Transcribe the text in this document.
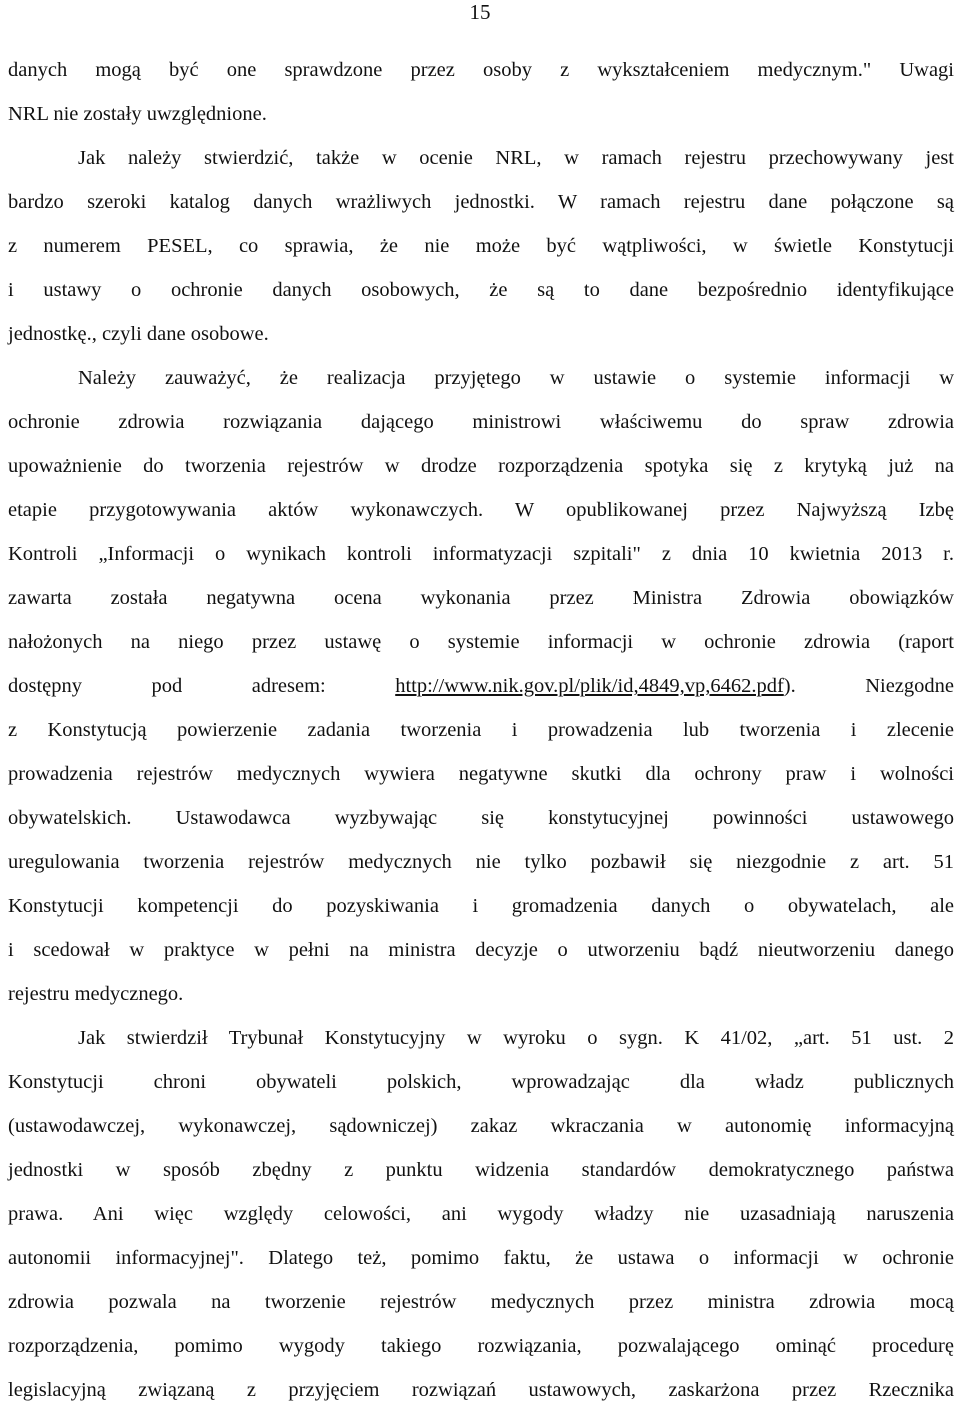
15
danych mogą być one sprawdzone przez osoby z wykształceniem medycznym." Uwagi
NRL nie zostały uwzględnione.
Jak należy stwierdzić, także w ocenie NRL, w ramach rejestru przechowywany jest
bardzo szeroki katalog danych wrażliwych jednostki. W ramach rejestru dane połączone są
z numerem PESEL, co sprawia, że nie może być wątpliwości, w świetle Konstytucji
i ustawy o ochronie danych osobowych, że są to dane bezpośrednio identyfikujące
jednostkę., czyli dane osobowe.
Należy zauważyć, że realizacja przyjętego w ustawie o systemie informacji w
ochronie zdrowia rozwiązania dającego ministrowi właściwemu do spraw zdrowia
upoważnienie do tworzenia rejestrów w drodze rozporządzenia spotyka się z krytyką już na
etapie przygotowywania aktów wykonawczych. W opublikowanej przez Najwyższą Izbę
Kontroli „Informacji o wynikach kontroli informatyzacji szpitali" z dnia 10 kwietnia 2013 r.
zawarta została negatywna ocena wykonania przez Ministra Zdrowia obowiązków
nałożonych na niego przez ustawę o systemie informacji w ochronie zdrowia (raport
dostępny pod adresem: http://www.nik.gov.pl/plik/id,4849,vp,6462.pdf). Niezgodne
z Konstytucją powierzenie zadania tworzenia i prowadzenia lub tworzenia i zlecenie
prowadzenia rejestrów medycznych wywiera negatywne skutki dla ochrony praw i wolności
obywatelskich. Ustawodawca wyzbywając się konstytucyjnej powinności ustawowego
uregulowania tworzenia rejestrów medycznych nie tylko pozbawił się niezgodnie z art. 51
Konstytucji kompetencji do pozyskiwania i gromadzenia danych o obywatelach, ale
i scedował w praktyce w pełni na ministra decyzje o utworzeniu bądź nieutworzeniu danego
rejestru medycznego.
Jak stwierdził Trybunał Konstytucyjny w wyroku o sygn. K 41/02, „art. 51 ust. 2
Konstytucji chroni obywateli polskich, wprowadzając dla władz publicznych
(ustawodawczej, wykonawczej, sądowniczej) zakaz wkraczania w autonomię informacyjną
jednostki w sposób zbędny z punktu widzenia standardów demokratycznego państwa
prawa. Ani więc względy celowości, ani wygody władzy nie uzasadniają naruszenia
autonomii informacyjnej". Dlatego też, pomimo faktu, że ustawa o informacji w ochronie
zdrowia pozwala na tworzenie rejestrów medycznych przez ministra zdrowia mocą
rozporządzenia, pomimo wygody takiego rozwiązania, pozwalającego ominąć procedurę
legislacyjną związaną z przyjęciem rozwiązań ustawowych, zaskarżona przez Rzecznika
